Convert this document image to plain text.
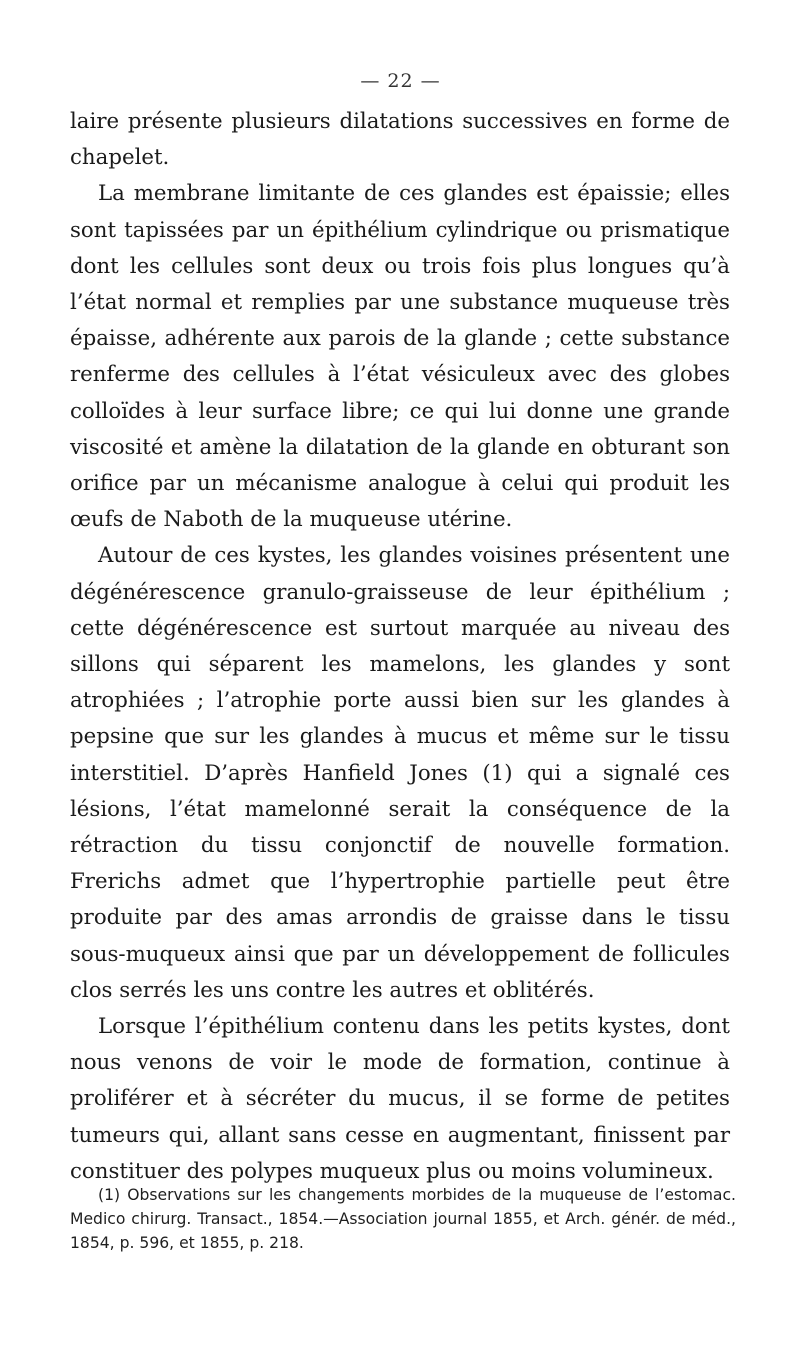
— 22 —

laire présente plusieurs dilatations successives en forme de chapelet.

La membrane limitante de ces glandes est épaissie; elles sont tapissées par un épithélium cylindrique ou prismatique dont les cellules sont deux ou trois fois plus longues qu’à l’état normal et remplies par une substance muqueuse très épaisse, adhérente aux parois de la glande ; cette substance renferme des cellules à l’état vésiculeux avec des globes colloïdes à leur surface libre; ce qui lui donne une grande viscosité et amène la dilatation de la glande en obturant son orifice par un mécanisme analogue à celui qui produit les œufs de Naboth de la muqueuse utérine.

Autour de ces kystes, les glandes voisines présentent une dégénérescence granulo-graisseuse de leur épithélium ; cette dégénérescence est surtout marquée au niveau des sillons qui séparent les mamelons, les glandes y sont atrophiées ; l’atrophie porte aussi bien sur les glandes à pepsine que sur les glandes à mucus et même sur le tissu interstitiel. D’après Hanfield Jones (1) qui a signalé ces lésions, l’état mamelonné serait la conséquence de la rétraction du tissu conjonctif de nouvelle formation. Frerichs admet que l’hypertrophie partielle peut être produite par des amas arrondis de graisse dans le tissu sous-muqueux ainsi que par un développement de follicules clos serrés les uns contre les autres et oblitérés.

Lorsque l’épithélium contenu dans les petits kystes, dont nous venons de voir le mode de formation, continue à proliférer et à sécréter du mucus, il se forme de petites tumeurs qui, allant sans cesse en augmentant, finissent par constituer des polypes muqueux plus ou moins volumineux.

(1) Observations sur les changements morbides de la muqueuse de l’estomac. Medico chirurg. Transact., 1854.—Association journal 1855, et Arch. génér. de méd., 1854, p. 596, et 1855, p. 218.
